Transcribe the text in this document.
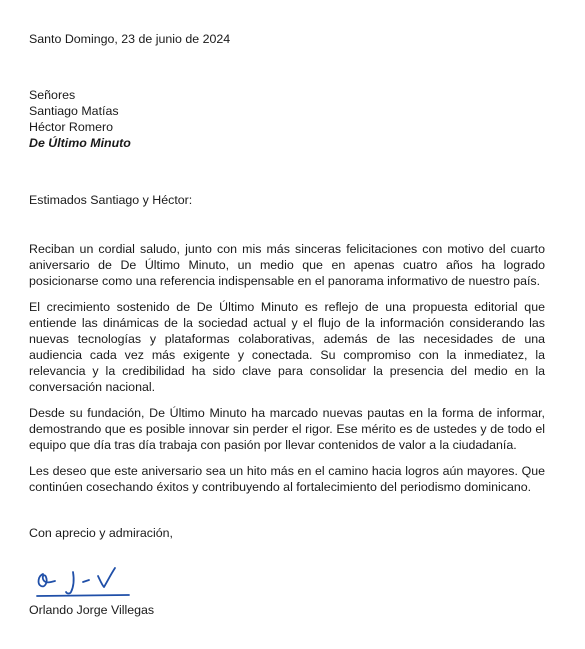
Santo Domingo, 23 de junio de 2024

Señores
Santiago Matías
Héctor Romero
De Último Minuto
Estimados Santiago y Héctor:

Reciban un cordial saludo, junto con mis más sinceras felicitaciones con motivo del cuarto aniversario de De Último Minuto, un medio que en apenas cuatro años ha logrado posicionarse como una referencia indispensable en el panorama informativo de nuestro país.

El crecimiento sostenido de De Último Minuto es reflejo de una propuesta editorial que entiende las dinámicas de la sociedad actual y el flujo de la información considerando las nuevas tecnologías y plataformas colaborativas, además de las necesidades de una audiencia cada vez más exigente y conectada. Su compromiso con la inmediatez, la relevancia y la credibilidad ha sido clave para consolidar la presencia del medio en la conversación nacional.

Desde su fundación, De Último Minuto ha marcado nuevas pautas en la forma de informar, demostrando que es posible innovar sin perder el rigor. Ese mérito es de ustedes y de todo el equipo que día tras día trabaja con pasión por llevar contenidos de valor a la ciudadanía.

Les deseo que este aniversario sea un hito más en el camino hacia logros aún mayores. Que continúen cosechando éxitos y contribuyendo al fortalecimiento del periodismo dominicano.

Con aprecio y admiración,
Orlando Jorge Villegas
